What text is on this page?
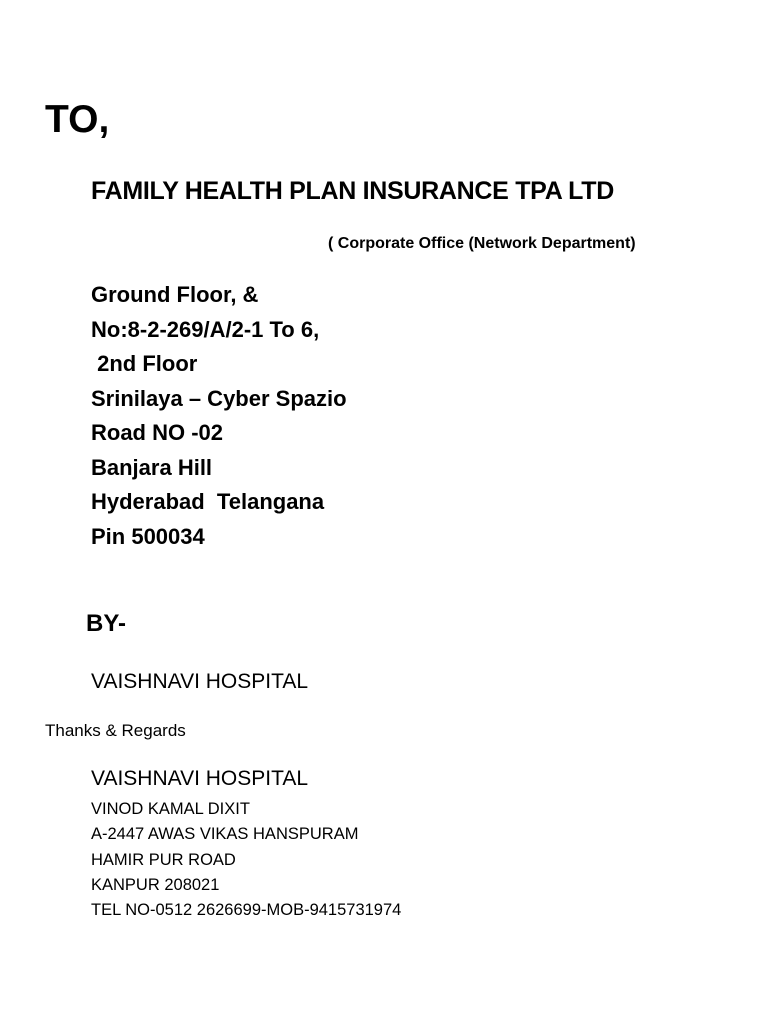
TO,
FAMILY HEALTH PLAN INSURANCE TPA LTD
( Corporate Office (Network Department)
Ground Floor, &
No:8-2-269/A/2-1 To 6,
2nd Floor
Srinilaya – Cyber Spazio
Road NO -02
Banjara Hill
Hyderabad  Telangana
Pin 500034
BY-
VAISHNAVI HOSPITAL
Thanks & Regards
VAISHNAVI HOSPITAL
VINOD KAMAL DIXIT
A-2447 AWAS VIKAS HANSPURAM
HAMIR PUR ROAD
KANPUR 208021
TEL NO-0512 2626699-MOB-9415731974
